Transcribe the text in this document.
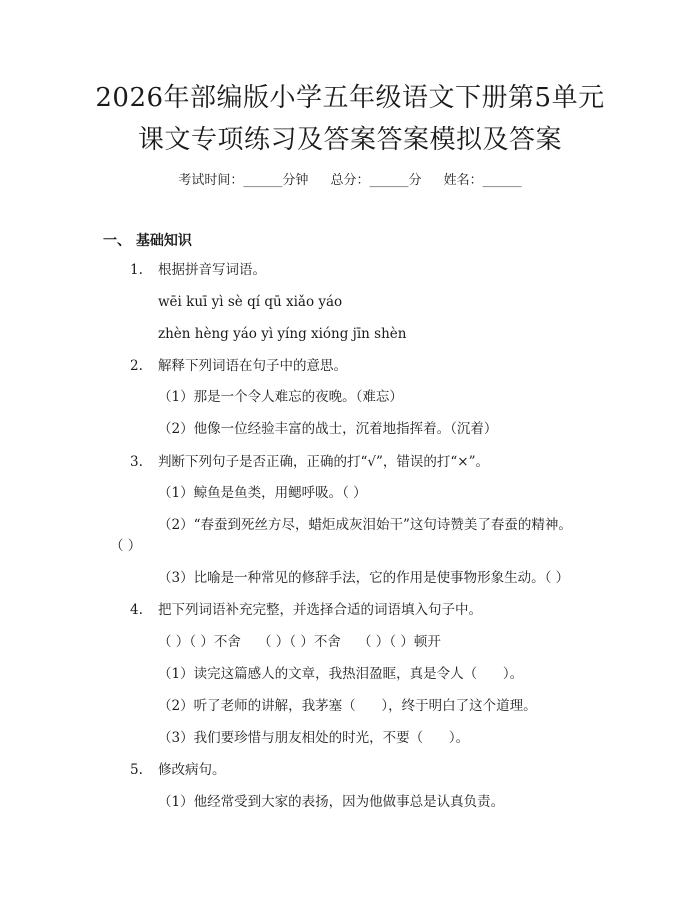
2026年部编版小学五年级语文下册第5单元
课文专项练习及答案答案模拟及答案
考试时间：______分钟 总分：______分 姓名：______
一、 基础知识
1. 根据拼音写词语。
wēi kuī yì sè qí qū xiǎo yáo
zhèn hèng yáo yì yíng xióng jīn shèn
2. 解释下列词语在句子中的意思。
（1）那是一个令人难忘的夜晚。（难忘）
（2）他像一位经验丰富的战士，沉着地指挥着。（沉着）
3. 判断下列句子是否正确，正确的打“√”，错误的打“×”。
（1）鲸鱼是鱼类，用鳃呼吸。（ ）
（2）“春蚕到死丝方尽，蜡炬成灰泪始干”这句诗赞美了春蚕的精神。
（ ）
（3）比喻是一种常见的修辞手法，它的作用是使事物形象生动。（ ）
4. 把下列词语补充完整，并选择合适的词语填入句子中。
（ ）（ ）不舍    （ ）（ ）不舍    （ ）（ ）顿开
（1）读完这篇感人的文章，我热泪盈眶，真是令人（      ）。
（2）听了老师的讲解，我茅塞（      ），终于明白了这个道理。
（3）我们要珍惜与朋友相处的时光，不要（      ）。
5. 修改病句。
（1）他经常受到大家的表扬，因为他做事总是认真负责。
